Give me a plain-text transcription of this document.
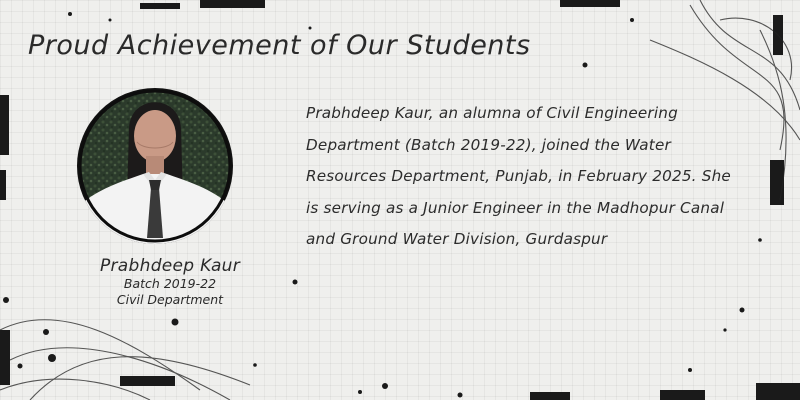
Proud Achievement of Our Students
Prabhdeep Kaur
Batch 2019-22
Civil Department

Prabhdeep Kaur, an alumna of Civil Engineering Department (Batch 2019-22), joined the Water Resources Department, Punjab, in February 2025. She is serving as a Junior Engineer in the Madhopur Canal and Ground Water Division, Gurdaspur
